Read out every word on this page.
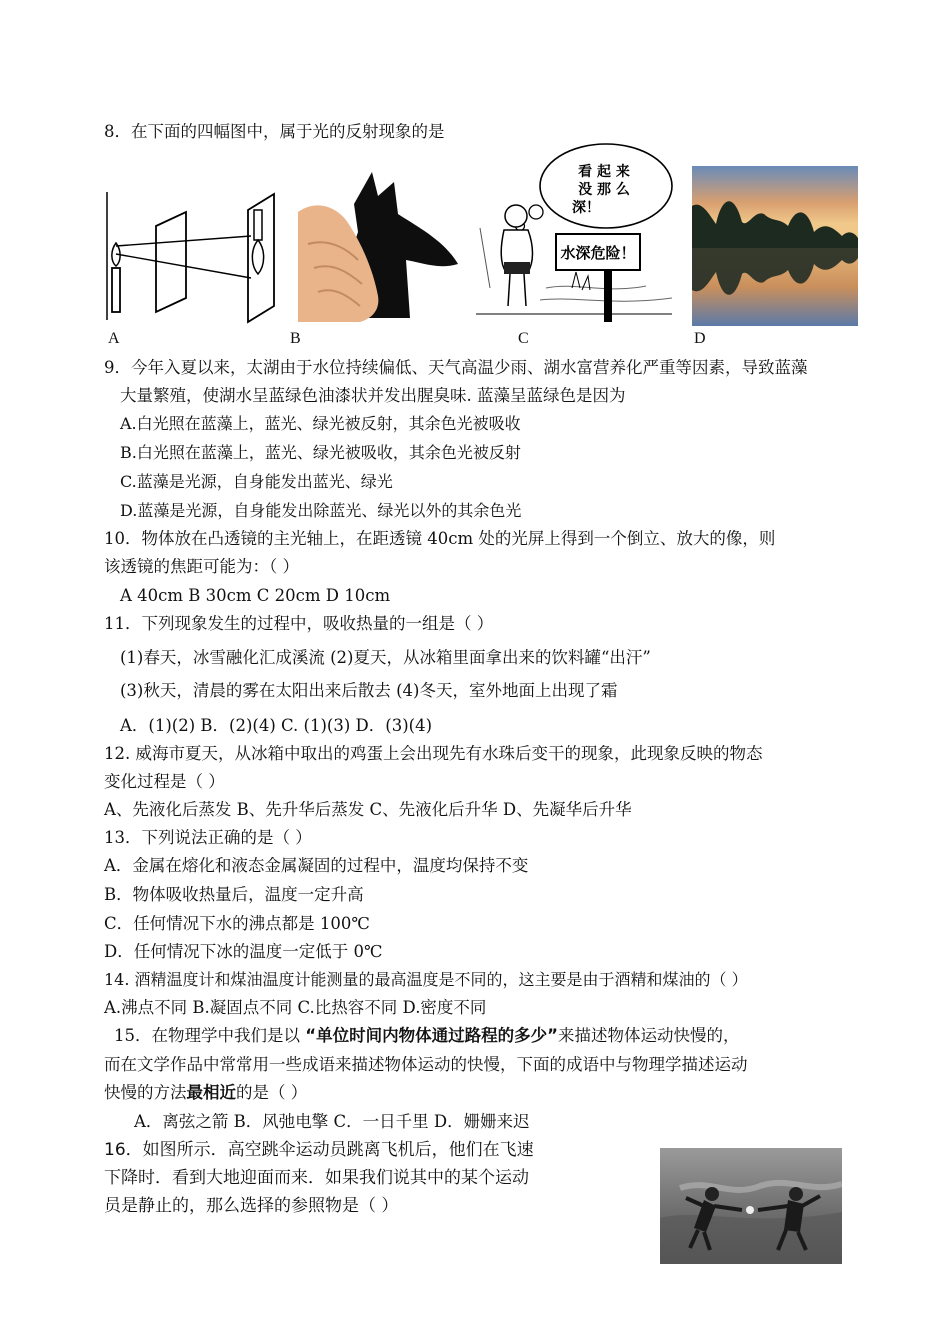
8．在下面的四幅图中，属于光的反射现象的是
A	B
看 起 来
没 那 么
深！
水深危险！
C	D
9．今年入夏以来，太湖由于水位持续偏低、天气高温少雨、湖水富营养化严重等因素，导致蓝藻
大量繁殖，使湖水呈蓝绿色油漆状并发出腥臭味. 蓝藻呈蓝绿色是因为
A.白光照在蓝藻上，蓝光、绿光被反射，其余色光被吸收
B.白光照在蓝藻上，蓝光、绿光被吸收，其余色光被反射
C.蓝藻是光源，自身能发出蓝光、绿光
D.蓝藻是光源，自身能发出除蓝光、绿光以外的其余色光
10．物体放在凸透镜的主光轴上，在距透镜 40cm 处的光屏上得到一个倒立、放大的像，则
该透镜的焦距可能为：（ ）
A 40cm B 30cm C 20cm D 10cm
11．下列现象发生的过程中，吸收热量的一组是（ ）
(1)春天，冰雪融化汇成溪流 (2)夏天，从冰箱里面拿出来的饮料罐“出汗”
(3)秋天，清晨的雾在太阳出来后散去 (4)冬天，室外地面上出现了霜
A．(1)(2) B．(2)(4) C. (1)(3) D．(3)(4)
12. 威海市夏天，从冰箱中取出的鸡蛋上会出现先有水珠后变干的现象，此现象反映的物态
变化过程是（ ）
A、先液化后蒸发 B、先升华后蒸发 C、先液化后升华 D、先凝华后升华
13．下列说法正确的是（ ）
A．金属在熔化和液态金属凝固的过程中，温度均保持不变
B．物体吸收热量后，温度一定升高
C．任何情况下水的沸点都是 100℃
D．任何情况下冰的温度一定低于 0℃
14. 酒精温度计和煤油温度计能测量的最高温度是不同的，这主要是由于酒精和煤油的（ ）
A.沸点不同 B.凝固点不同 C.比热容不同 D.密度不同
15．在物理学中我们是以 “单位时间内物体通过路程的多少”来描述物体运动快慢的，
而在文学作品中常常用一些成语来描述物体运动的快慢，下面的成语中与物理学描述运动
快慢的方法最相近的是（ ）
A．离弦之箭 B．风弛电擎 C．一日千里 D．姗姗来迟
16．如图所示．高空跳伞运动员跳离飞机后，他们在飞速
下降时．看到大地迎面而来．如果我们说其中的某个运动
员是静止的，那么选择的参照物是（ ）
